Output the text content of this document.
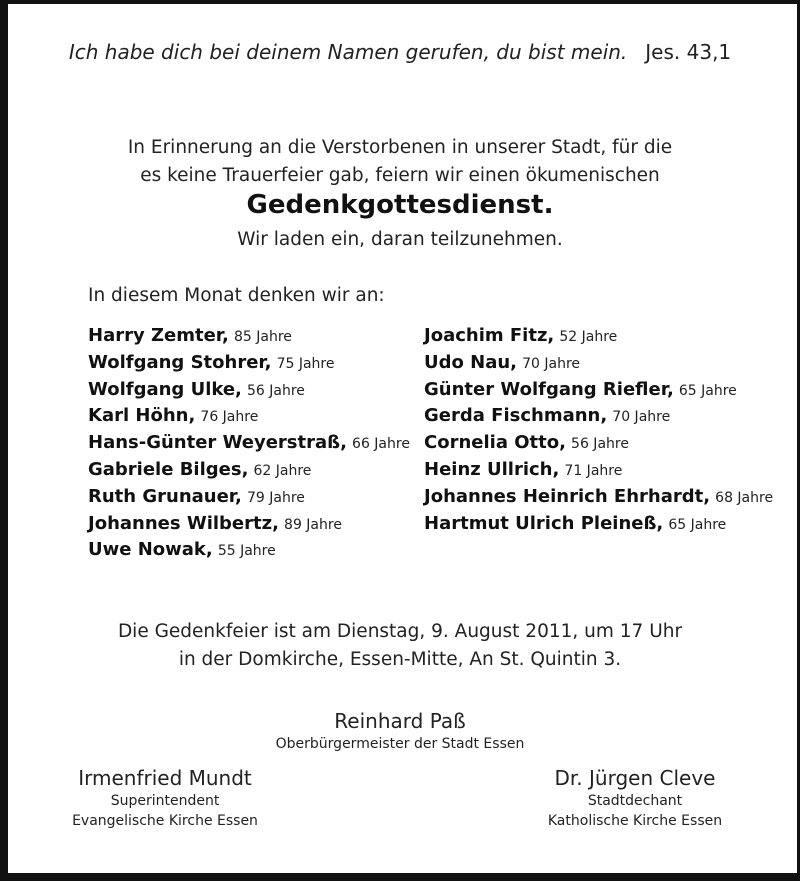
Ich habe dich bei deinem Namen gerufen, du bist mein. Jes. 43,1
In Erinnerung an die Verstorbenen in unserer Stadt, für die
es keine Trauerfeier gab, feiern wir einen ökumenischen
Gedenkgottesdienst.
Wir laden ein, daran teilzunehmen.
In diesem Monat denken wir an:
Harry Zemter, 85 Jahre
Wolfgang Stohrer, 75 Jahre
Wolfgang Ulke, 56 Jahre
Karl Höhn, 76 Jahre
Hans-Günter Weyerstraß, 66 Jahre
Gabriele Bilges, 62 Jahre
Ruth Grunauer, 79 Jahre
Johannes Wilbertz, 89 Jahre
Uwe Nowak, 55 Jahre
Joachim Fitz, 52 Jahre
Udo Nau, 70 Jahre
Günter Wolfgang Riefler, 65 Jahre
Gerda Fischmann, 70 Jahre
Cornelia Otto, 56 Jahre
Heinz Ullrich, 71 Jahre
Johannes Heinrich Ehrhardt, 68 Jahre
Hartmut Ulrich Pleineß, 65 Jahre
Die Gedenkfeier ist am Dienstag, 9. August 2011, um 17 Uhr
in der Domkirche, Essen-Mitte, An St. Quintin 3.
Reinhard Paß
Oberbürgermeister der Stadt Essen
Irmenfried Mundt
Superintendent
Evangelische Kirche Essen
Dr. Jürgen Cleve
Stadtdechant
Katholische Kirche Essen
